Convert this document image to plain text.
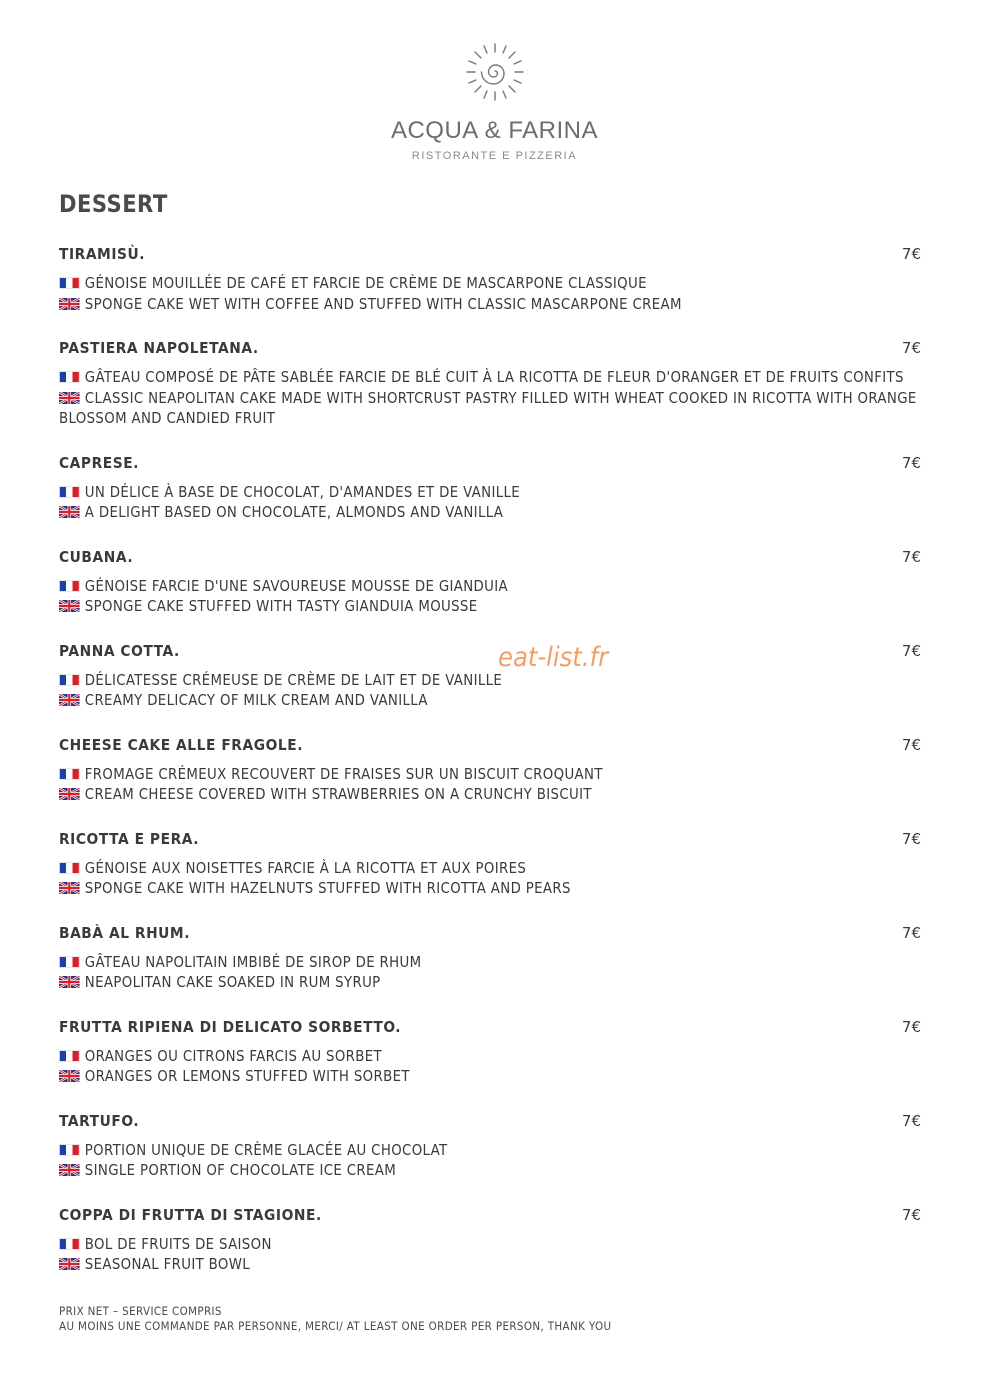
ACQUA & FARINA
RISTORANTE E PIZZERIA
DESSERT
TIRAMISÙ.	7€
GÉNOISE MOUILLÉE DE CAFÉ ET FARCIE DE CRÈME DE MASCARPONE CLASSIQUE
SPONGE CAKE WET WITH COFFEE AND STUFFED WITH CLASSIC MASCARPONE CREAM
PASTIERA NAPOLETANA.	7€
GÂTEAU COMPOSÉ DE PÂTE SABLÉE FARCIE DE BLÉ CUIT À LA RICOTTA DE FLEUR D'ORANGER ET DE FRUITS CONFITS
CLASSIC NEAPOLITAN CAKE MADE WITH SHORTCRUST PASTRY FILLED WITH WHEAT COOKED IN RICOTTA WITH ORANGE BLOSSOM AND CANDIED FRUIT
CAPRESE.	7€
UN DÉLICE À BASE DE CHOCOLAT, D'AMANDES ET DE VANILLE
A DELIGHT BASED ON CHOCOLATE, ALMONDS AND VANILLA
CUBANA.	7€
GÉNOISE FARCIE D'UNE SAVOUREUSE MOUSSE DE GIANDUIA
SPONGE CAKE STUFFED WITH TASTY GIANDUIA MOUSSE
PANNA COTTA.	7€
DÉLICATESSE CRÉMEUSE DE CRÈME DE LAIT ET DE VANILLE
CREAMY DELICACY OF MILK CREAM AND VANILLA
CHEESE CAKE ALLE FRAGOLE.	7€
FROMAGE CRÉMEUX RECOUVERT DE FRAISES SUR UN BISCUIT CROQUANT
CREAM CHEESE COVERED WITH STRAWBERRIES ON A CRUNCHY BISCUIT
RICOTTA E PERA.	7€
GÉNOISE AUX NOISETTES FARCIE À LA RICOTTA ET AUX POIRES
SPONGE CAKE WITH HAZELNUTS STUFFED WITH RICOTTA AND PEARS
BABÀ AL RHUM.	7€
GÂTEAU NAPOLITAIN IMBIBÉ DE SIROP DE RHUM
NEAPOLITAN CAKE SOAKED IN RUM SYRUP
FRUTTA RIPIENA DI DELICATO SORBETTO.	7€
ORANGES OU CITRONS FARCIS AU SORBET
ORANGES OR LEMONS STUFFED WITH SORBET
TARTUFO.	7€
PORTION UNIQUE DE CRÈME GLACÉE AU CHOCOLAT
SINGLE PORTION OF CHOCOLATE ICE CREAM
COPPA DI FRUTTA DI STAGIONE.	7€
BOL DE FRUITS DE SAISON
SEASONAL FRUIT BOWL
eat-list.fr
PRIX NET – SERVICE COMPRIS
AU MOINS UNE COMMANDE PAR PERSONNE, MERCI/ AT LEAST ONE ORDER PER PERSON, THANK YOU
